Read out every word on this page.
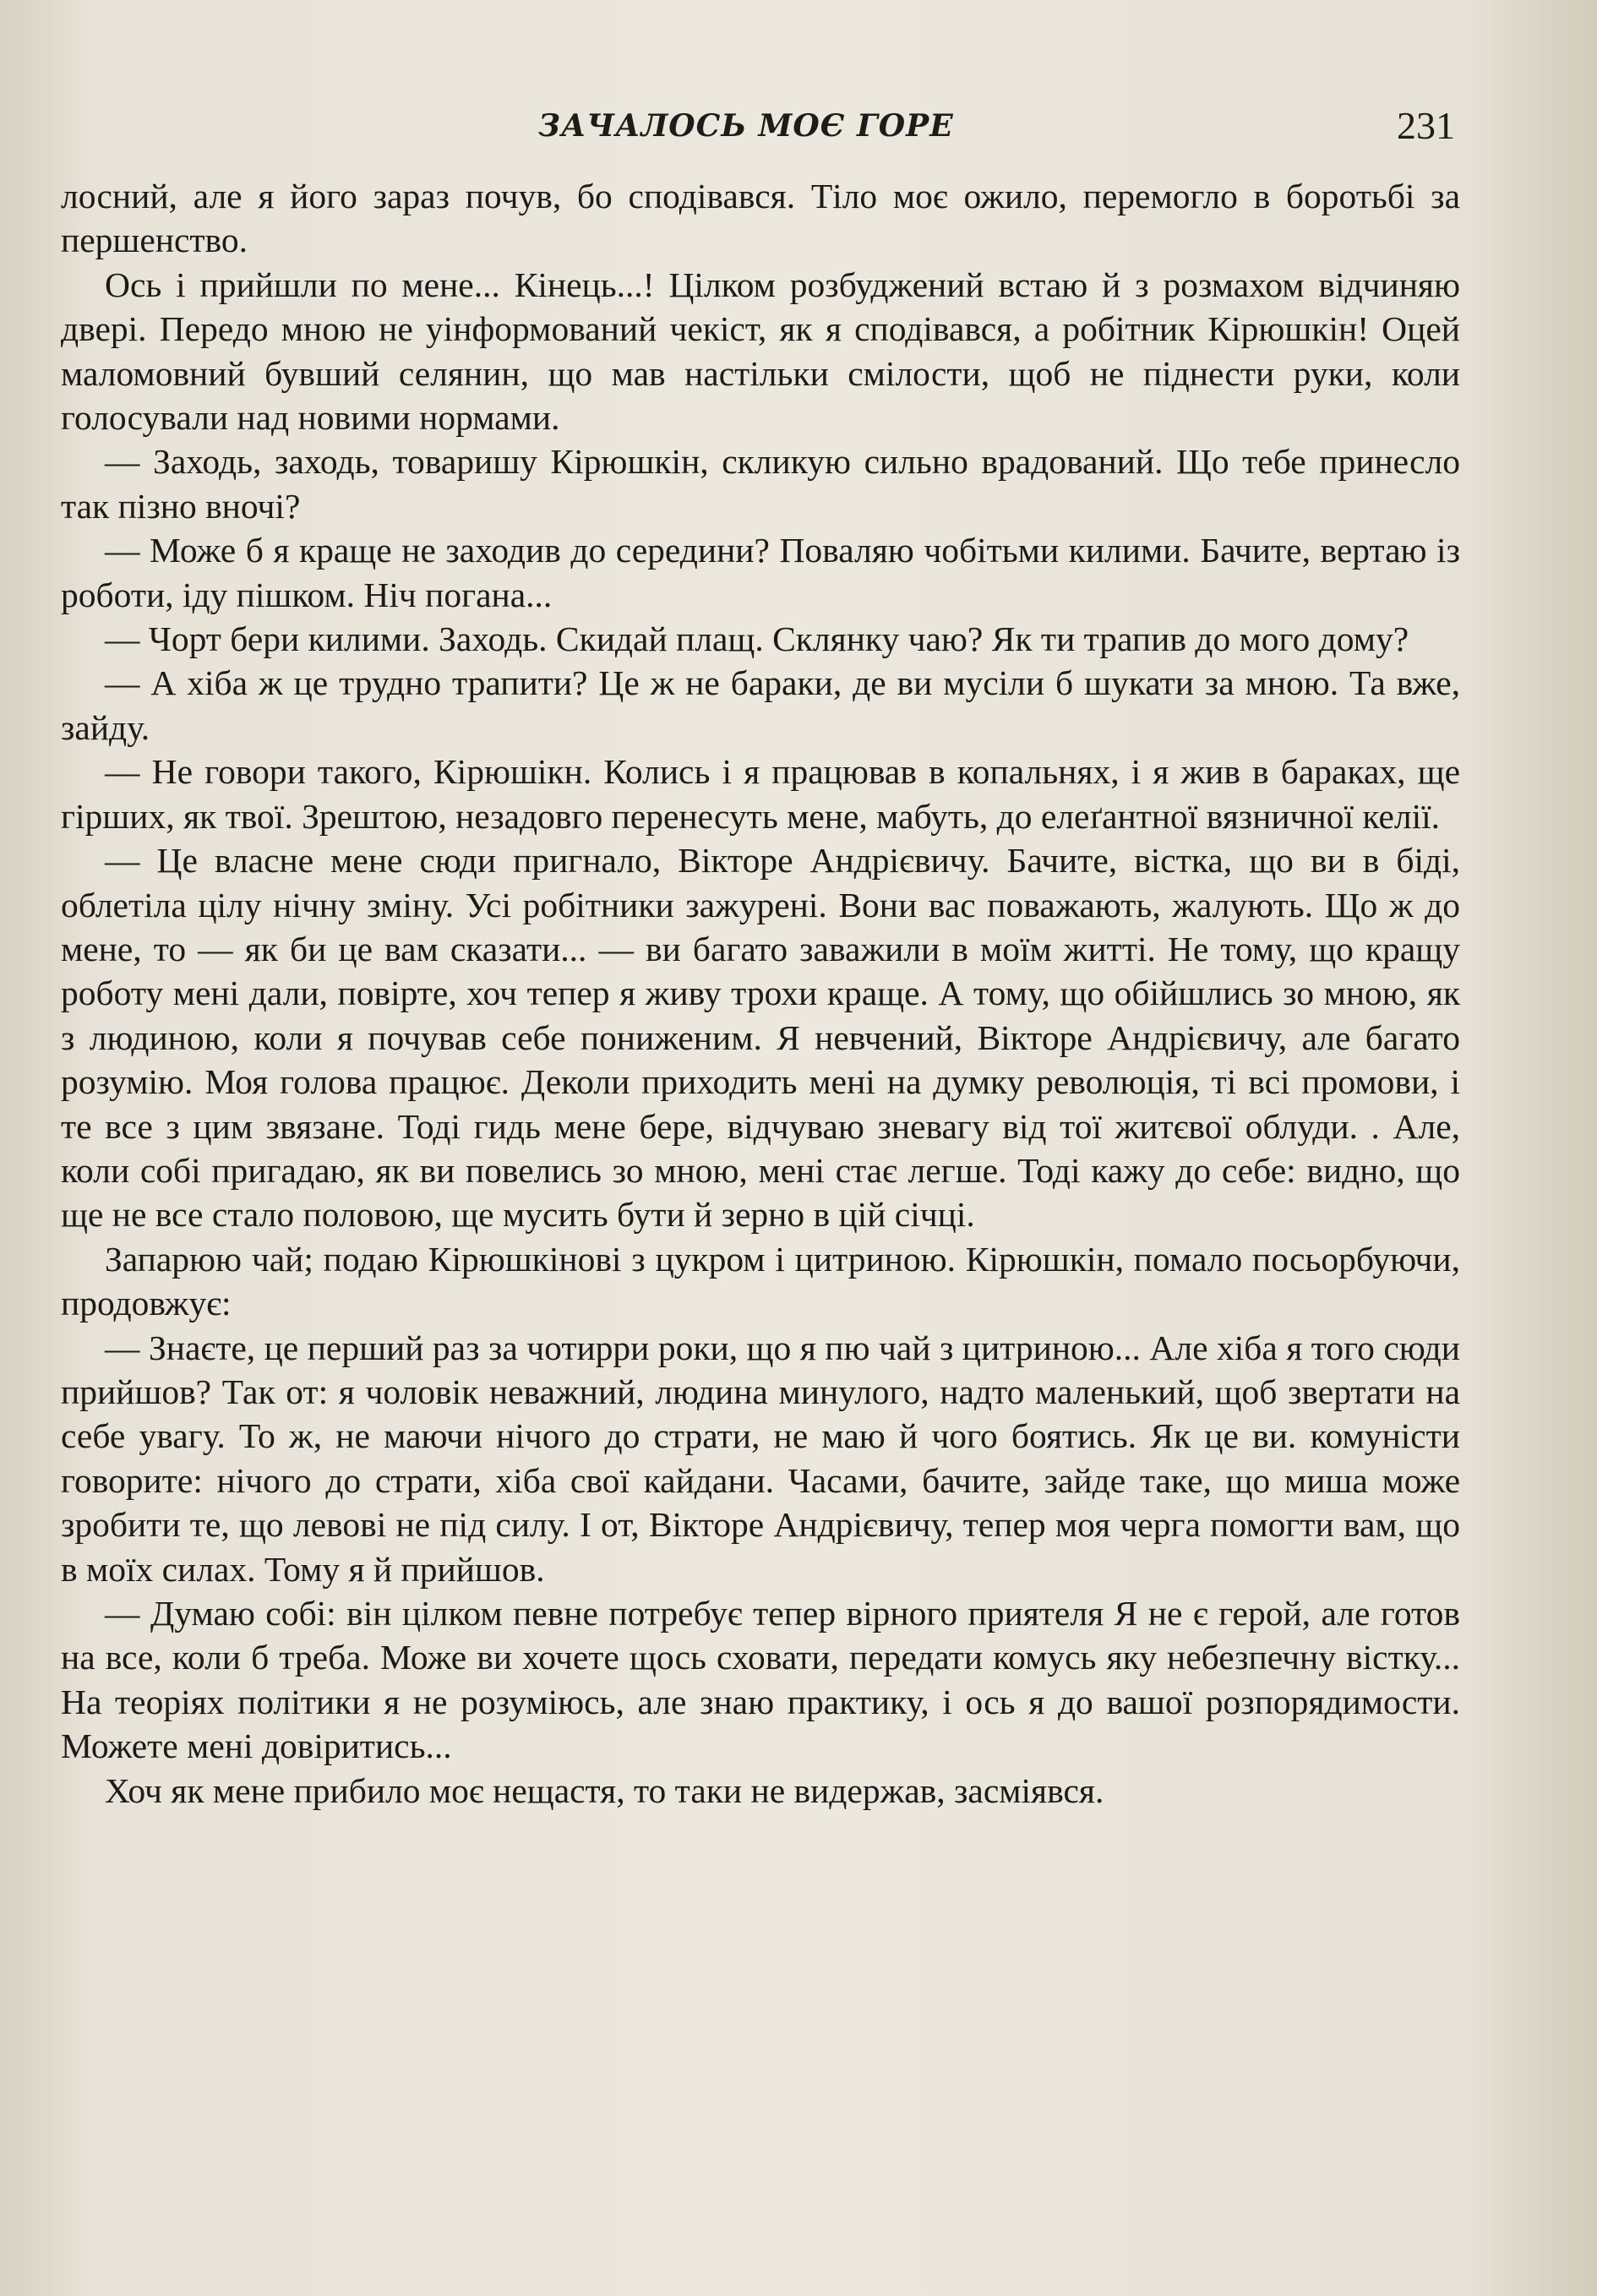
ЗАЧАЛОСЬ МОЄ ГОРЕ	231

лосний, але я його зараз почув, бо сподівався. Тіло моє ожило, перемогло в боротьбі за першенство.

Ось і прийшли по мене... Кінець...! Цілком розбуджений встаю й з розмахом відчиняю двері. Передо мною не уінформований чекіст, як я сподівався, а робітник Кірюшкін! Оцей маломовний бувший селянин, що мав настільки смілости, щоб не піднести руки, коли голосували над новими нормами.

— Заходь, заходь, товаришу Кірюшкін, скликую сильно врадований. Що тебе принесло так пізно вночі?

— Може б я краще не заходив до середини? Поваляю чобітьми килими. Бачите, вертаю із роботи, іду пішком. Ніч погана...

— Чорт бери килими. Заходь. Скидай плащ. Склянку чаю? Як ти трапив до мого дому?

— А хіба ж це трудно трапити? Це ж не бараки, де ви мусіли б шукати за мною. Та вже, зайду.

— Не говори такого, Кірюшікн. Колись і я працював в копальнях, і я жив в бараках, ще гірших, як твої. Зрештою, незадовго перенесуть мене, мабуть, до елеґантної вязничної келії.

— Це власне мене сюди пригнало, Вікторе Андрієвичу. Бачите, вістка, що ви в біді, облетіла цілу нічну зміну. Усі робітники зажурені. Вони вас поважають, жалують. Що ж до мене, то — як би це вам сказати... — ви багато заважили в моїм житті. Не тому, що кращу роботу мені дали, повірте, хоч тепер я живу трохи краще. А тому, що обійшлись зо мною, як з людиною, коли я почував себе пониженим. Я невчений, Вікторе Андрієвичу, але багато розумію. Моя голова працює. Деколи приходить мені на думку революція, ті всі промови, і те все з цим звязане. Тоді гидь мене бере, відчуваю зневагу від тої житєвої облуди. . Але, коли собі пригадаю, як ви повелись зо мною, мені стає легше. Тоді кажу до себе: видно, що ще не все стало половою, ще мусить бути й зерно в цій січці.

Запарюю чай; подаю Кірюшкінові з цукром і цитриною. Кірюшкін, помало посьорбуючи, продовжує:

— Знаєте, це перший раз за чотирри роки, що я пю чай з цитриною... Але хіба я того сюди прийшов? Так от: я чоловік неважний, людина минулого, надто маленький, щоб звертати на себе увагу. То ж, не маючи нічого до страти, не маю й чого боятись. Як це ви. комуністи говорите: нічого до страти, хіба свої кайдани. Часами, бачите, зайде таке, що миша може зробити те, що левові не під силу. І от, Вікторе Андрієвичу, тепер моя черга помогти вам, що в моїх силах. Тому я й прийшов.

— Думаю собі: він цілком певне потребує тепер вірного приятеля Я не є герой, але готов на все, коли б треба. Може ви хочете щось сховати, передати комусь яку небезпечну вістку... На теоріях політики я не розуміюсь, але знаю практику, і ось я до вашої розпорядимости. Можете мені довіритись...

Хоч як мене прибило моє нещастя, то таки не видержав, засміявся.
